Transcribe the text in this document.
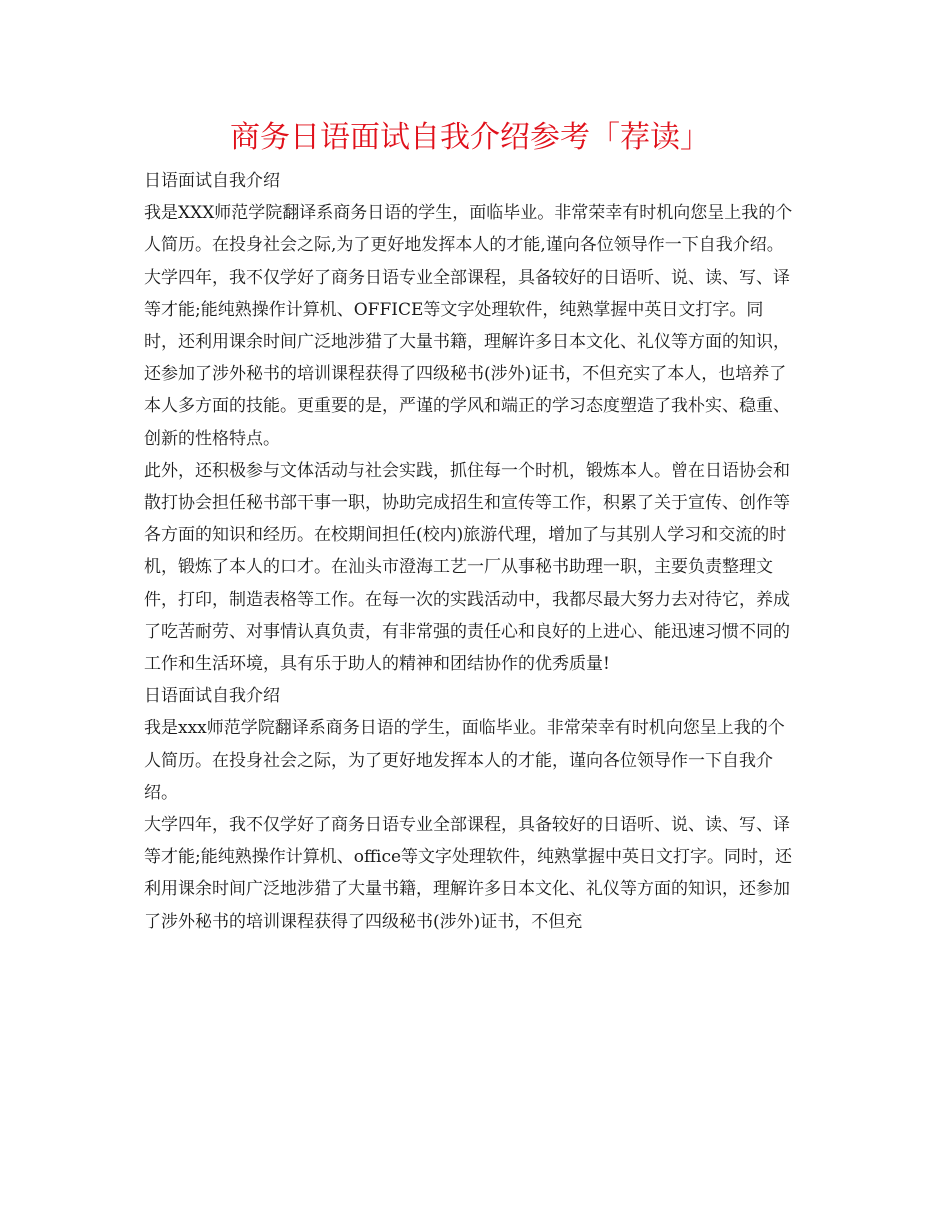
商务日语面试自我介绍参考「荐读」

日语面试自我介绍

我是XXX师范学院翻译系商务日语的学生，面临毕业。非常荣幸有时机向您呈上我的个人简历。在投身社会之际,为了更好地发挥本人的才能,谨向各位领导作一下自我介绍。

大学四年，我不仅学好了商务日语专业全部课程，具备较好的日语听、说、读、写、译等才能;能纯熟操作计算机、OFFICE等文字处理软件，纯熟掌握中英日文打字。同时，还利用课余时间广泛地涉猎了大量书籍，理解许多日本文化、礼仪等方面的知识，还参加了涉外秘书的培训课程获得了四级秘书(涉外)证书，不但充实了本人，也培养了本人多方面的技能。更重要的是，严谨的学风和端正的学习态度塑造了我朴实、稳重、创新的性格特点。

此外，还积极参与文体活动与社会实践，抓住每一个时机，锻炼本人。曾在日语协会和散打协会担任秘书部干事一职，协助完成招生和宣传等工作，积累了关于宣传、创作等各方面的知识和经历。在校期间担任(校内)旅游代理，增加了与其别人学习和交流的时机，锻炼了本人的口才。在汕头市澄海工艺一厂从事秘书助理一职，主要负责整理文件，打印，制造表格等工作。在每一次的实践活动中，我都尽最大努力去对待它，养成了吃苦耐劳、对事情认真负责，有非常强的责任心和良好的上进心、能迅速习惯不同的工作和生活环境，具有乐于助人的精神和团结协作的优秀质量!

日语面试自我介绍

我是xxx师范学院翻译系商务日语的学生，面临毕业。非常荣幸有时机向您呈上我的个人简历。在投身社会之际，为了更好地发挥本人的才能，谨向各位领导作一下自我介绍。

大学四年，我不仅学好了商务日语专业全部课程，具备较好的日语听、说、读、写、译等才能;能纯熟操作计算机、office等文字处理软件，纯熟掌握中英日文打字。同时，还利用课余时间广泛地涉猎了大量书籍，理解许多日本文化、礼仪等方面的知识，还参加了涉外秘书的培训课程获得了四级秘书(涉外)证书，不但充
